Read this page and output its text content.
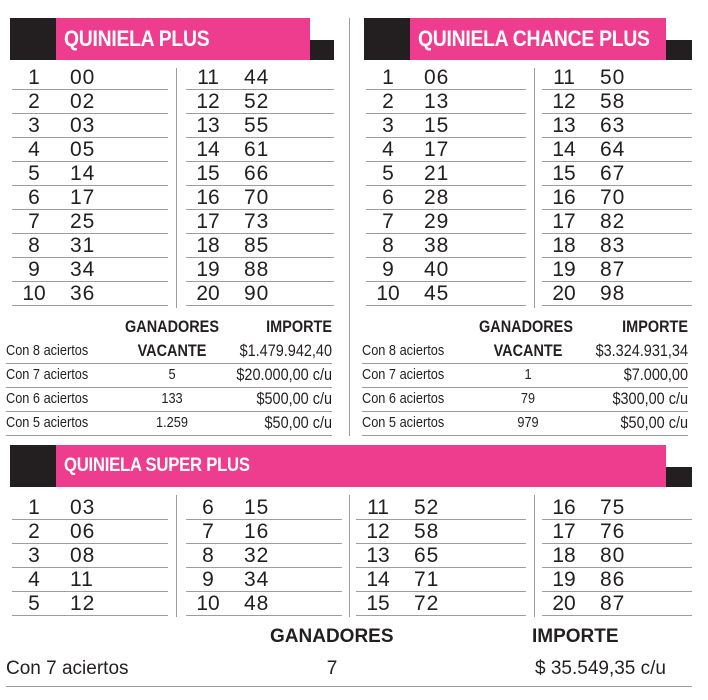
QUINIELA PLUS	QUINIELA CHANCE PLUS
1	00
2	02
3	03
4	05
5	14
6	17
7	25
8	31
9	34
10	36
11	44
12	52
13	55
14	61
15	66
16	70
17	73
18	85
19	88
20	90
1	06
2	13
3	15
4	17
5	21
6	28
7	29
8	38
9	40
10	45
11	50
12	58
13	63
14	64
15	67
16	70
17	82
18	83
19	87
20	98
GANADORES	IMPORTE
Con 8 aciertos	VACANTE	$1.479.942,40
Con 7 aciertos	5	$20.000,00 c/u
Con 6 aciertos	133	$500,00 c/u
Con 5 aciertos	1.259	$50,00 c/u
GANADORES	IMPORTE
Con 8 aciertos	VACANTE	$3.324.931,34
Con 7 aciertos	1	$7.000,00
Con 6 aciertos	79	$300,00 c/u
Con 5 aciertos	979	$50,00 c/u
QUINIELA SUPER PLUS
1	03
2	06
3	08
4	11
5	12
6	15
7	16
8	32
9	34
10	48
11	52
12	58
13	65
14	71
15	72
16	75
17	76
18	80
19	86
20	87
GANADORES	IMPORTE
Con 7 aciertos	7	$ 35.549,35 c/u
